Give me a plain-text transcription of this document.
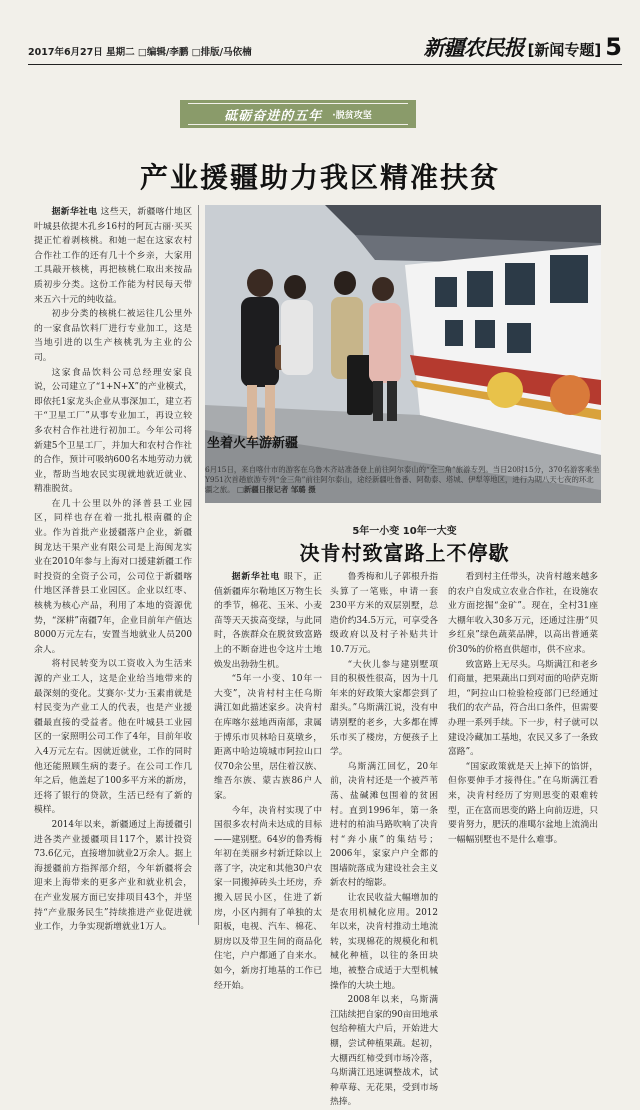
2017年6月27日 星期二 □编辑/李鹏 □排版/马依楠	新疆农民报 [新闻专题] 5
砥砺奋进的五年 ·脱贫攻坚
产业援疆助力我区精准扶贫

据新华社电 这些天，新疆喀什地区叶城县依提木孔乡16村的阿瓦古丽·买买提正忙着剥核桃。和她一起在这家农村合作社工作的还有几十个乡亲，大家用工具敲开核桃，再把核桃仁取出来按品质初步分类。这份工作能为村民每天带来五六十元的纯收益。

初步分类的核桃仁被运往几公里外的一家食品饮料厂进行专业加工，这是当地引进的以生产核桃乳为主业的公司。

这家食品饮料公司总经理安家良说，公司建立了“1+N+X”的产业模式，即依托1家龙头企业从事深加工，建立若干“卫星工厂”从事专业加工，再设立较多农村合作社进行初加工。今年公司将新建5个卫星工厂，并加大和农村合作社的合作，预计可吸纳600名本地劳动力就业，帮助当地农民实现就地就近就业、精准脱贫。

在几十公里以外的泽普县工业园区，同样也存在着一批扎根南疆的企业。作为首批产业援疆落户企业，新疆闽龙达干果产业有限公司是上海闽龙实业在2010年参与上海对口援建新疆工作时投资的全资子公司，公司位于新疆喀什地区泽普县工业园区。企业以红枣、核桃为核心产品，利用了本地的资源优势，“深耕”南疆7年，企业目前年产值达8000万元左右，安置当地就业人员200余人。

将村民转变为以工资收入为生活来源的产业工人，这是企业给当地带来的最深刻的变化。艾赛尔·艾力·玉素甫就是村民变为产业工人的代表，也是产业援疆最直接的受益者。他在叶城县工业园区的一家照明公司工作了4年，目前年收入4万元左右。因就近就业，工作的同时他还能照顾生病的妻子。在公司工作几年之后，他盖起了100多平方米的新房，还将了银行的贷款，生活已经有了新的模样。

2014年以来，新疆通过上海援疆引进各类产业援疆项目117个，累计投资73.6亿元，直接增加就业2万余人。据上海援疆前方指挥部介绍，今年新疆将会迎来上海带来的更多产业和就业机会，在产业发展方面已安排项目43个，并坚持“产业服务民生”持续推进产业促进就业工作，力争实现新增就业1万人。

坐着火车游新疆
6月15日，来自喀什市的游客在乌鲁木齐站准备登上前往阿尔泰山的“全三角”旅游专列。当日20时15分，370名游客乘坐Y951次首趟旅游专列“金三角”前往阿尔泰山，途经新疆吐鲁番、阿勒泰、塔城、伊犁等地区，进行为期八天七夜的环北疆之旅。 □新疆日报记者 邹璐 摄
5年一小变 10年一大变
决肯村致富路上不停歇

据新华社电 眼下，正值新疆库尔勒地区万物生长的季节，棉花、玉米、小麦苗等天天拔高变绿，与此同时，各族群众在脱贫致富路上的不断奋进也令这片土地焕发出勃勃生机。

“5年一小变、10年一大变”，决肯村村主任乌斯满江如此描述家乡。决肯村在库喀尔兹地西南部，隶属于博乐市贝林哈日莫墩乡，距离中哈边境城市阿拉山口仅70余公里，居住着汉族、维吾尔族、蒙古族86户人家。

今年，决肯村实现了中国很多农村尚未达成的目标——建别墅。64岁的鲁秀梅年初在美丽乡村新迁除以上落了字，决定和其他30户农家一同搬掉砖头土坯房，乔搬入居民小区，住进了新房，小区内拥有了单独的太阳板，电视、汽车、棉花、厨房以及带卫生间的商品化住宅，户户都通了自来水。如今，新房打地基的工作已经开始。

鲁秀梅和儿子郭根升指头算了一笔账，申请一套230平方米的双层别墅，总造价约34.5万元，可享受各级政府以及村子补贴共计10.7万元。

“大伙儿参与建别墅项目的积极性很高，因为十几年来的好政策大家都尝到了甜头。”乌斯满江说，没有申请别墅的老乡，大多都在博乐市买了楼房，方便孩子上学。

乌斯满江回忆，20年前，决肯村还是一个被芦苇荡、盐碱滩包围着的贫困村。直到1996年，第一条进村的柏油马路吹响了决肯村“奔小康”的集结号；2006年，家家户户全都的围墙院落成为建设社会主义新农村的缩影。

让农民收益大幅增加的是农用机械化应用。2012年以来，决肯村推动土地流转，实现棉花的规模化和机械化种植，以往的条田块地，被整合成适于大型机械操作的大块土地。

2008年以来，乌斯满江陆续把自家的90亩田地承包给种植大户后，开始进大棚，尝试种植果蔬。起初，大棚西红柿受到市场冷落，乌斯满江迅速调整战术，试种草莓、无花果，受到市场热捧。

看到村主任带头，决肯村越来越多的农户自发成立农业合作社，在设施农业方面挖掘“金矿”。现在，全村31座大棚年收入30多万元，还通过注册“贝乡红泉”绿色蔬菜品牌，以高出普通菜价30%的价格直供超市，供不应求。

致富路上无尽头。乌斯满江和老乡们商量，把果蔬出口到对面的哈萨克斯坦，“阿拉山口检验检疫部门已经通过我们的农产品，符合出口条件，但需要办理一系列手续。下一步，村子就可以建设冷藏加工基地，农民又多了一条致富路”。

“国家政策就是天上掉下的馅饼，但你要伸手才接得住。”在乌斯满江看来，决肯村经历了穷则思变的艰难转型，正在富而思变的路上向前迈进，只要肯努力，肥沃的准噶尔盆地上流淌出一幅幅别墅也不是什么难事。
